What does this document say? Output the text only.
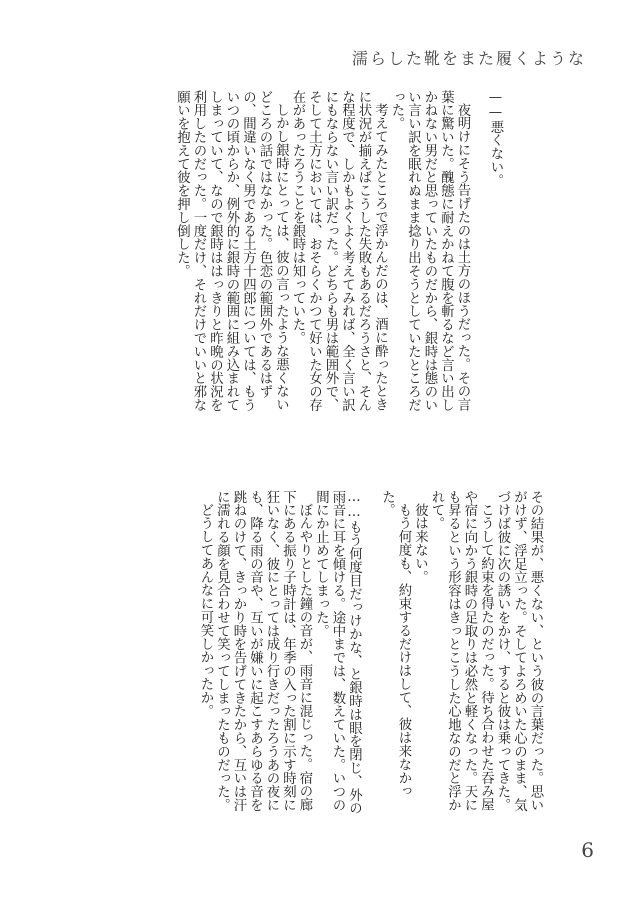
濡らした靴をまた履くような

——悪くない。

夜明けにそう告げたのは土方のほうだった。その言葉に驚いた。醜態に耐えかねて腹を斬るなど言い出しかねない男だと思っていたものだから、銀時は態のいい言い訳を眠れぬまま捻り出そうとしていたところだった。

考えてみたところで浮かんだのは、酒に酔ったときに状況が揃えばこうした失敗もあるだろうさと、そんな程度で、しかもよくよく考えてみれば、全く言い訳にもならない言い訳だった。どちらも男は範囲外で、そして土方においては、おそらくかつて好いた女の存在があったろうことを銀時は知っていた。

しかし銀時にとっては、彼の言ったような悪くないどころの話ではなかった。色恋の範囲外であるはずの、間違いなく男である土方十四郎については、もういつの頃からか、例外的に銀時の範囲に組み込まれてしまっていて、なので銀時ははっきりと昨晩の状況を利用したのだった。一度だけ、それだけでいいと邪な願いを抱えて彼を押し倒した。

その結果が、悪くない、という彼の言葉だった。思いがけず、浮足立った。そしてよろめいた心のまま、気づけば彼に次の誘いをかけ、すると彼は乗ってきた。

こうして約束を得たのだった。待ち合わせた吞み屋や宿に向かう銀時の足取りは必然と軽くなった。天にも昇るという形容はきっとこうした心地なのだと浮かれて。

彼は来ない。

もう何度も、約束するだけはして、彼は来なかった。

……もう何度目だっけかな、と銀時は眼を閉じ、外の雨音に耳を傾ける。途中までは、数えていた。いつの間にか止めてしまった。

ぼんやりとした鐘の音が、雨音に混じった。宿の廊下にある振り子時計は、年季の入った割に示す時刻に狂いなく、彼にとっては成り行きだったろうあの夜にも、降る雨の音や、互いが嫌いに起こすあらゆる音を跳ねのけて、きっかり時を告げてきたから、互いは汗に濡れる顔を見合わせて笑ってしまったものだった。

どうしてあんなに可笑しかったか。

6
